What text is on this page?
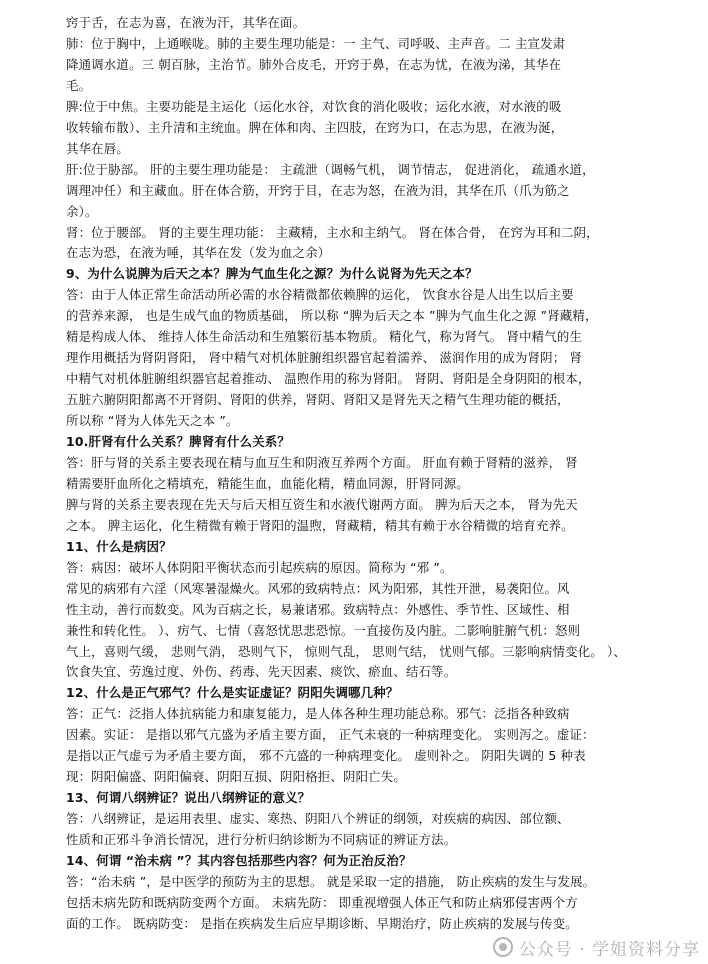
窍于舌，在志为喜，在液为汗，其华在面。
肺：位于胸中，上通喉咙。肺的主要生理功能是：一 主气、司呼吸、主声音。二 主宣发肃
降通调水道。三 朝百脉，主治节。肺外合皮毛，开窍于鼻，在志为忧，在液为涕，其华在
毛。
脾:位于中焦。主要功能是主运化（运化水谷，对饮食的消化吸收；运化水液，对水液的吸
收转输布散）、主升清和主统血。脾在体和肉、主四肢，在窍为口，在志为思，在液为涎，
其华在唇。
肝:位于胁部。 肝的主要生理功能是： 主疏泄（调畅气机， 调节情志， 促进消化， 疏通水道，
调理冲任）和主藏血。肝在体合筋，开窍于目，在志为怒，在液为泪，其华在爪（爪为筋之
余）。
肾：位于腰部。 肾的主要生理功能： 主藏精，主水和主纳气。 肾在体合骨， 在窍为耳和二阴，
在志为恐，在液为唾，其华在发（发为血之余）
9、为什么说脾为后天之本？脾为气血生化之源？为什么说肾为先天之本？
答：由于人体正常生命活动所必需的水谷精微都依赖脾的运化， 饮食水谷是人出生以后主要
的营养来源， 也是生成气血的物质基础， 所以称 “脾为后天之本 ”脾为气血生化之源 ”肾藏精，
精是构成人体、 维持人体生命活动和生殖繁衍基本物质。 精化气，称为肾气。 肾中精气的生
理作用概括为肾阴肾阳， 肾中精气对机体脏腑组织器官起着濡养、 滋润作用的成为肾阴； 肾
中精气对机体脏腑组织器官起着推动、 温煦作用的称为肾阳。 肾阴、肾阳是全身阴阳的根本，
五脏六腑阴阳都离不开肾阴、肾阳的供养，肾阴、肾阳又是肾先天之精气生理功能的概括，
所以称 “肾为人体先天之本 ”。
10.肝肾有什么关系？脾肾有什么关系？
答：肝与肾的关系主要表现在精与血互生和阴液互养两个方面。 肝血有赖于肾精的滋养， 肾
精需要肝血所化之精填充，精能生血，血能化精，精血同源，肝肾同源。
脾与肾的关系主要表现在先天与后天相互资生和水液代谢两方面。 脾为后天之本， 肾为先天
之本。 脾主运化，化生精微有赖于肾阳的温煦，肾藏精，精其有赖于水谷精微的培育充养。
11、什么是病因？
答：病因：破坏人体阴阳平衡状态而引起疾病的原因。简称为 “邪 ”。
常见的病邪有六淫（风寒暑湿燥火。风邪的致病特点：风为阳邪，其性开泄，易袭阳位。风
性主动，善行而数变。风为百病之长，易兼诸邪。致病特点：外感性、季节性、区域性、相
兼性和转化性。 ）、疠气、七情（喜怒忧思悲恐惊。一直接伤及内脏。二影响脏腑气机：怒则
气上，喜则气缓， 悲则气消， 恐则气下， 惊则气乱， 思则气结， 忧则气郁。三影响病情变化。 ）、
饮食失宜、劳逸过度、外伤、药毒、先天因素、痰饮、瘀血、结石等。
12、什么是正气邪气？什么是实证虚证？阴阳失调哪几种？
答：正气：泛指人体抗病能力和康复能力，是人体各种生理功能总称。邪气：泛指各种致病
因素。实证： 是指以邪气亢盛为矛盾主要方面， 正气未衰的一种病理变化。 实则泻之。虚证：
是指以正气虚亏为矛盾主要方面， 邪不亢盛的一种病理变化。 虚则补之。 阴阳失调的 5 种表
现：阴阳偏盛、阴阳偏衰、阴阳互损、阴阳格拒、阴阳亡失。
13、何谓八纲辨证？说出八纲辨证的意义？
答：八纲辨证，是运用表里、虚实、寒热、阴阳八个辨证的纲领，对疾病的病因、部位额、
性质和正邪斗争消长情况，进行分析归纳诊断为不同病证的辨证方法。
14、何谓 “治未病 ”？其内容包括那些内容？何为正治反治？
答：“治未病 ”，是中医学的预防为主的思想。 就是采取一定的措施， 防止疾病的发生与发展。
包括未病先防和既病防变两个方面。 未病先防： 即重视增强人体正气和防止病邪侵害两个方
面的工作。 既病防变： 是指在疾病发生后应早期诊断、早期治疗，防止疾病的发展与传变。
公众号 · 学姐资料分享
